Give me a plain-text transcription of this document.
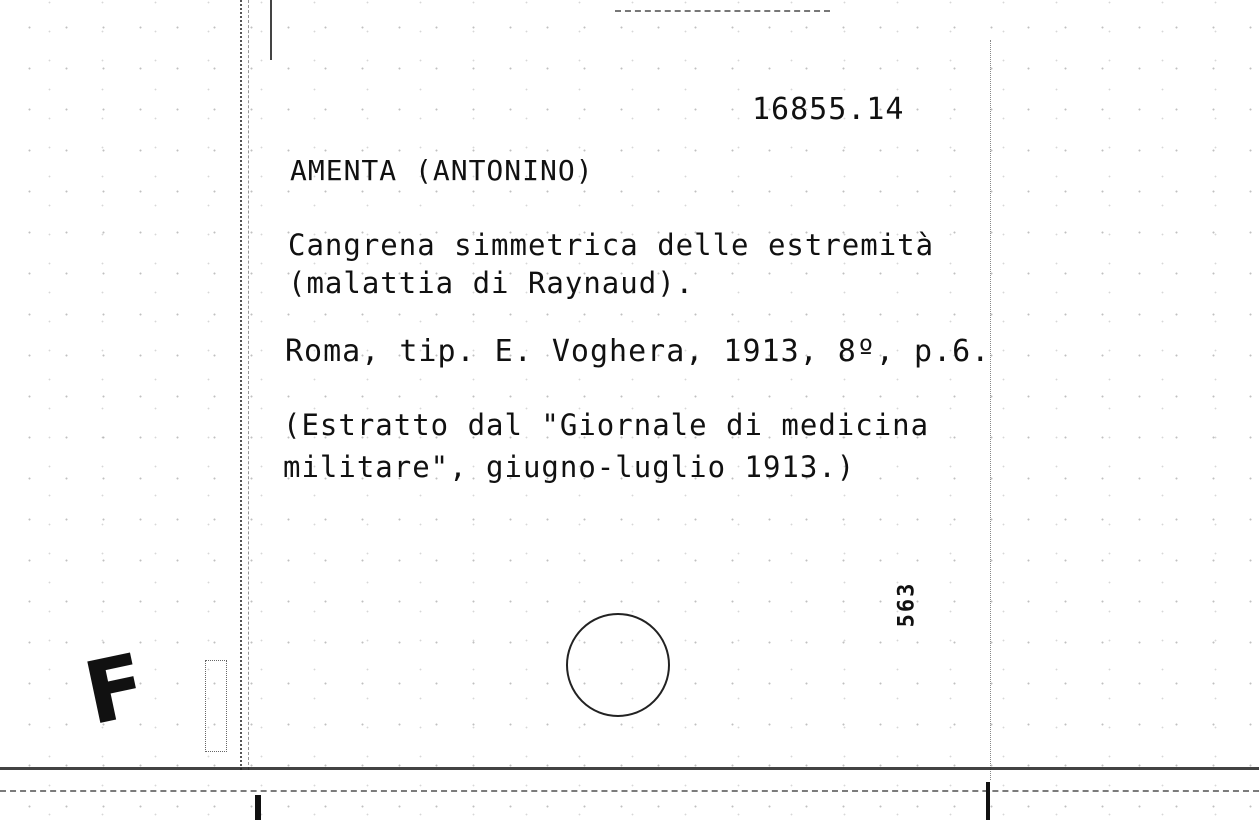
16855.14
AMENTA (ANTONINO)
Cangrena simmetrica delle estremità
(malattia di Raynaud).
Roma, tip. E. Voghera, 1913, 8º, p.6.
(Estratto dal "Giornale di medicina
militare", giugno-luglio 1913.)
563
F
